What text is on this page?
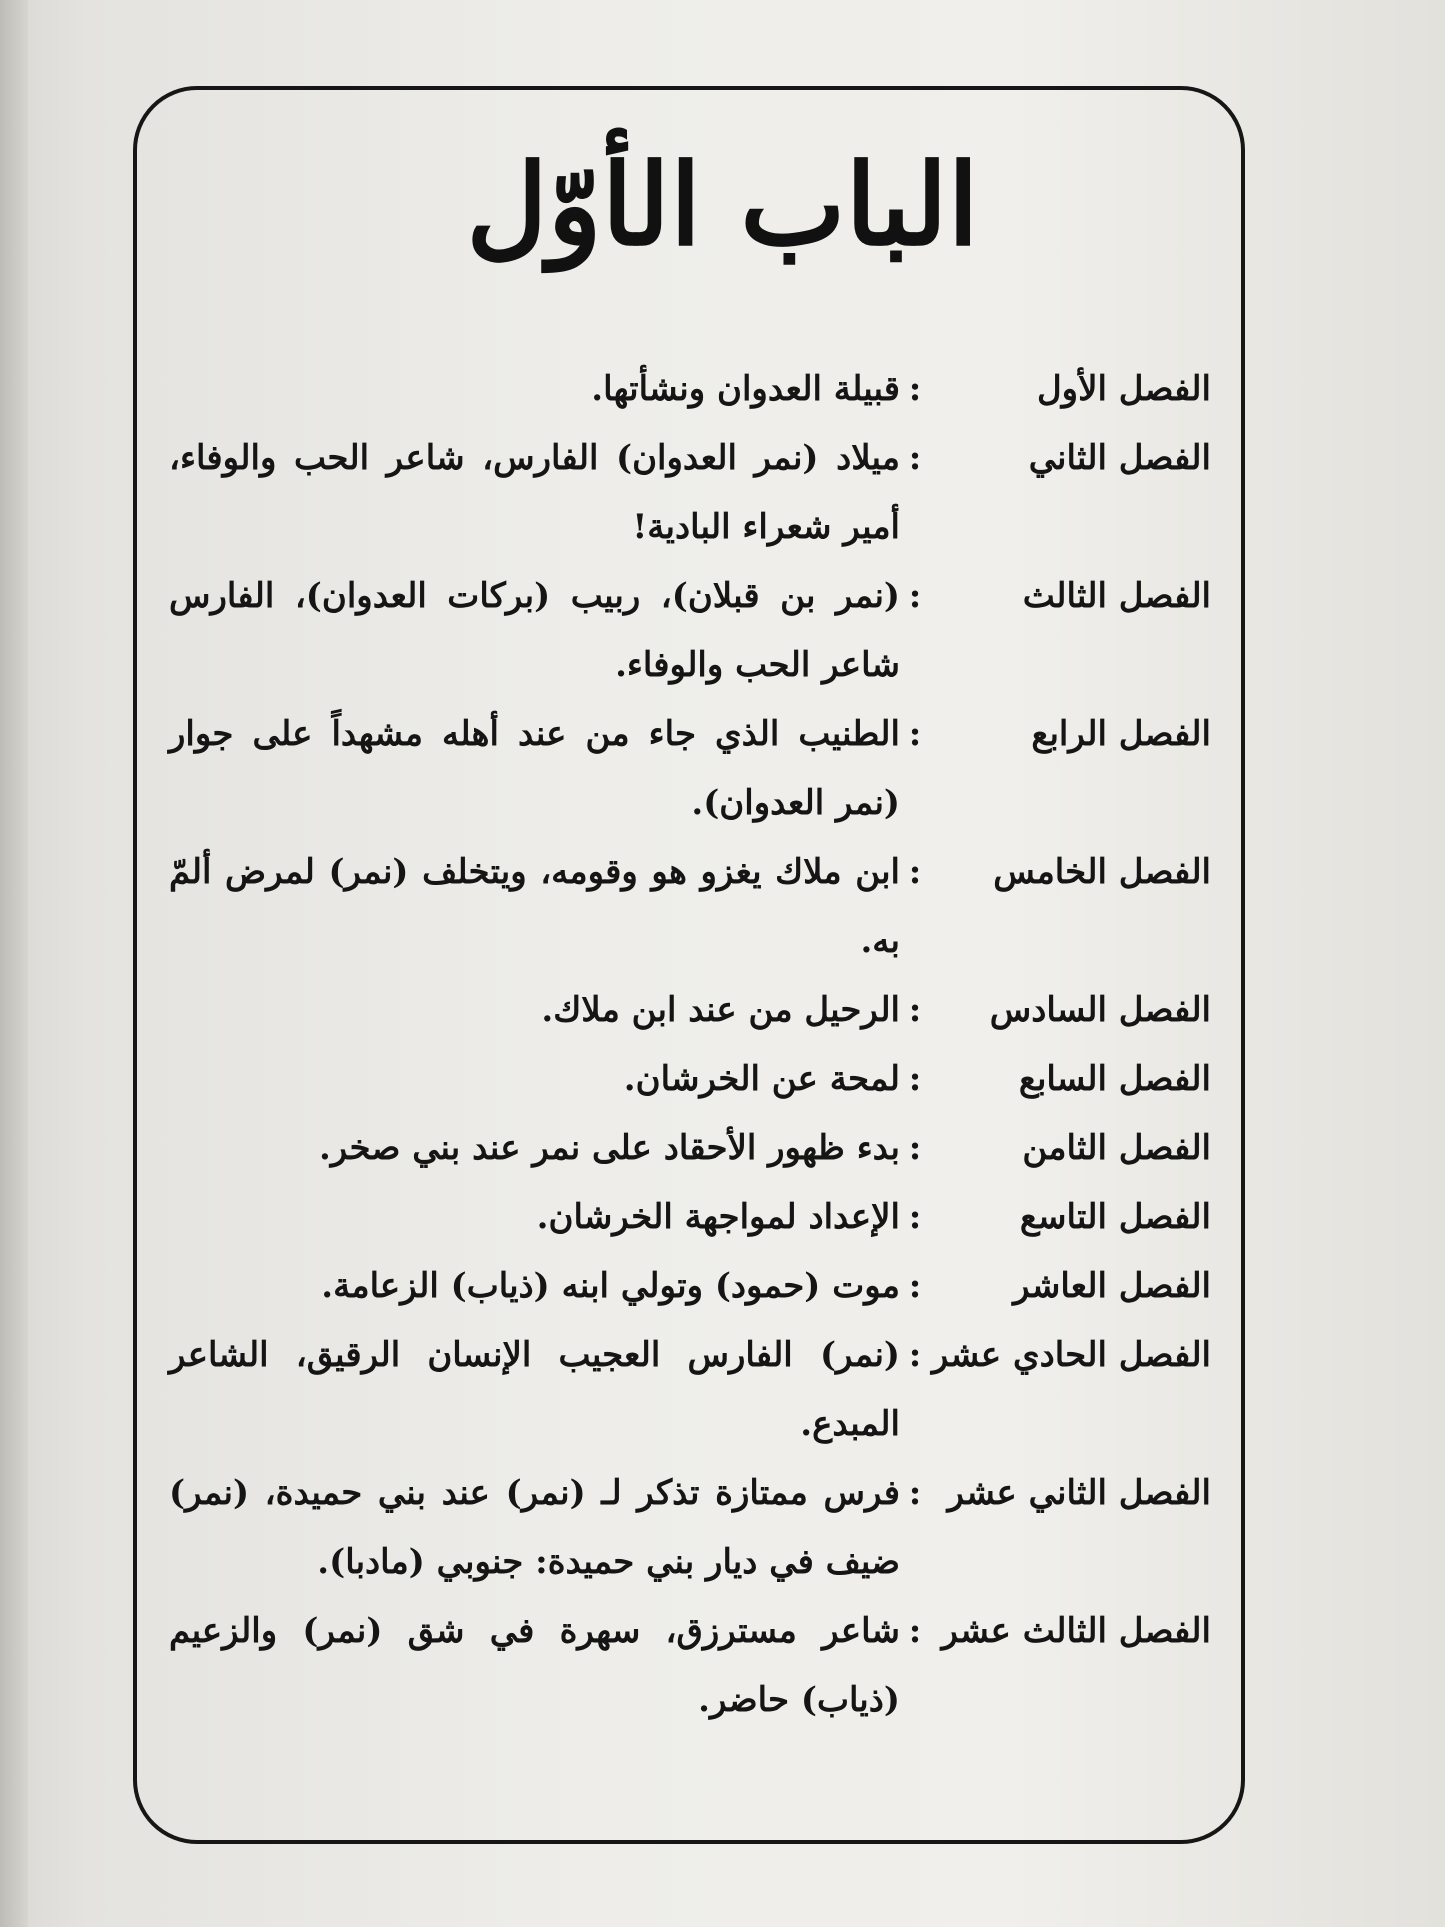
الباب الأوّل
الفصل الأول
:
قبيلة العدوان ونشأتها.
الفصل الثاني
:
ميلاد (نمر العدوان) الفارس، شاعر الحب والوفاء، أمير شعراء البادية!
الفصل الثالث
:
(نمر بن قبلان)، ربيب (بركات العدوان)، الفارس شاعر الحب والوفاء.
الفصل الرابع
:
الطنيب الذي جاء من عند أهله مشهداً على جوار (نمر العدوان).
الفصل الخامس
:
ابن ملاك يغزو هو وقومه، ويتخلف (نمر) لمرض ألمّ به.
الفصل السادس
:
الرحيل من عند ابن ملاك.
الفصل السابع
:
لمحة عن الخرشان.
الفصل الثامن
:
بدء ظهور الأحقاد على نمر عند بني صخر.
الفصل التاسع
:
الإعداد لمواجهة الخرشان.
الفصل العاشر
:
موت (حمود) وتولي ابنه (ذياب) الزعامة.
الفصل الحادي عشر
:
(نمر) الفارس العجيب الإنسان الرقيق، الشاعر المبدع.
الفصل الثاني عشر
:
فرس ممتازة تذكر لـ (نمر) عند بني حميدة، (نمر) ضيف في ديار بني حميدة: جنوبي (مادبا).
الفصل الثالث عشر
:
شاعر مسترزق، سهرة في شق (نمر) والزعيم (ذياب) حاضر.
